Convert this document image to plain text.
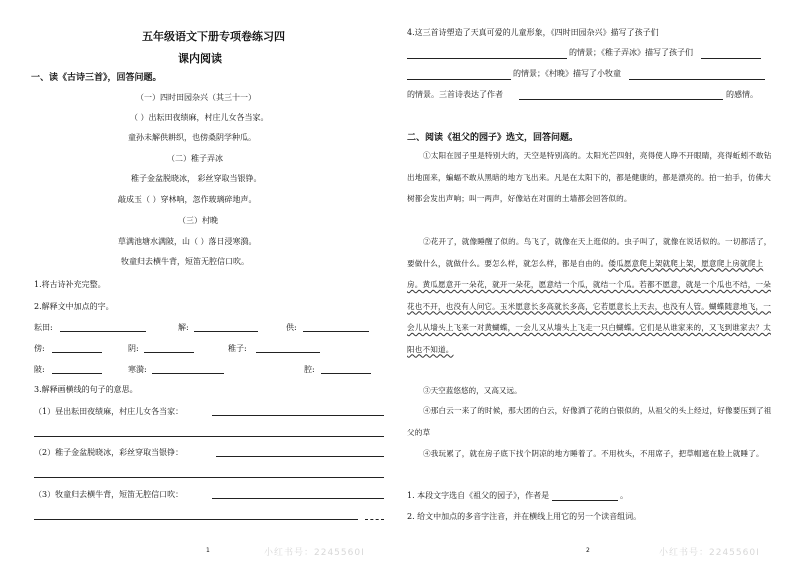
五年级语文下册专项卷练习四
课内阅读
一、读《古诗三首》，回答问题。
（一）四时田园杂兴（其三十一）
（ ）出耘田夜绩麻，村庄儿女各当家。
童孙未解供耕织，也傍桑阴学种瓜。
（二）稚子弄冰
稚子金盆脱晓冰， 彩丝穿取当银铮。
敲成玉（ ）穿林响，忽作玻璃碎地声。
（三）村晚
草满池塘水满陂，山（ ）落日浸寒漪。
牧童归去横牛背，短笛无腔信口吹。
1.将古诗补充完整。
2.解释文中加点的字。
耘田:	解:	供:
傍:	阴:	稚子:
陂:	寒漪:	腔:
3.解释画横线的句子的意思。
（1）昼出耘田夜绩麻，村庄儿女各当家：
（2）稚子金盆脱晓冰，彩丝穿取当银铮：
（3）牧童归去横牛背，短笛无腔信口吹：
1	小红书号：2245560I
4.这三首诗塑造了天真可爱的儿童形象，《四时田园杂兴》描写了孩子们
的情景；《稚子弄冰》描写了孩子们
的情景；《村晚》描写了小牧童
的情景。三首诗表达了作者	的感情。
二、阅读《祖父的园子》选文，回答问题。
①太阳在园子里是特别大的，天空是特别高的。太阳光芒四射，亮得使人睁不开眼睛，亮得蚯蚓不敢钻出地面来，蝙蝠不敢从黑暗的地方飞出来。凡是在太阳下的，都是健康的，都是漂亮的。拍一拍手，仿佛大树都会发出声响；叫一两声，好像站在对面的土墙都会回答似的。
②花开了，就像睡醒了似的。鸟飞了，就像在天上逛似的。虫子叫了，就像在说话似的。一切都活了，要做什么，就做什么。要怎么样，就怎么样，都是自由的。倭瓜愿意爬上架就爬上架，愿意爬上房就爬上房。黄瓜愿意开一朵花，就开一朵花，愿意结一个瓜，就结一个瓜。若都不愿意，就是一个瓜也不结，一朵花也不开，也没有人问它。玉米愿意长多高就长多高，它若愿意长上天去，也没有人管。蝴蝶随意地飞，一会儿从墙头上飞来一对黄蝴蝶，一会儿又从墙头上飞走一只白蝴蝶。它们是从谁家来的，又飞到谁家去？太阳也不知道。
③天空蓝悠悠的，又高又远。
④那白云一来了的时候，那大团的白云，好像洒了花的白银似的，从祖父的头上经过，好像要压到了祖父的草
④我玩累了，就在房子底下找个阴凉的地方睡着了。不用枕头，不用席子，把草帽遮在脸上就睡了。
1. 本段文字选自《祖父的园子》，作者是	。
2. 给文中加点的多音字注音，并在横线上用它的另一个读音组词。
2	小红书号：2245560I
